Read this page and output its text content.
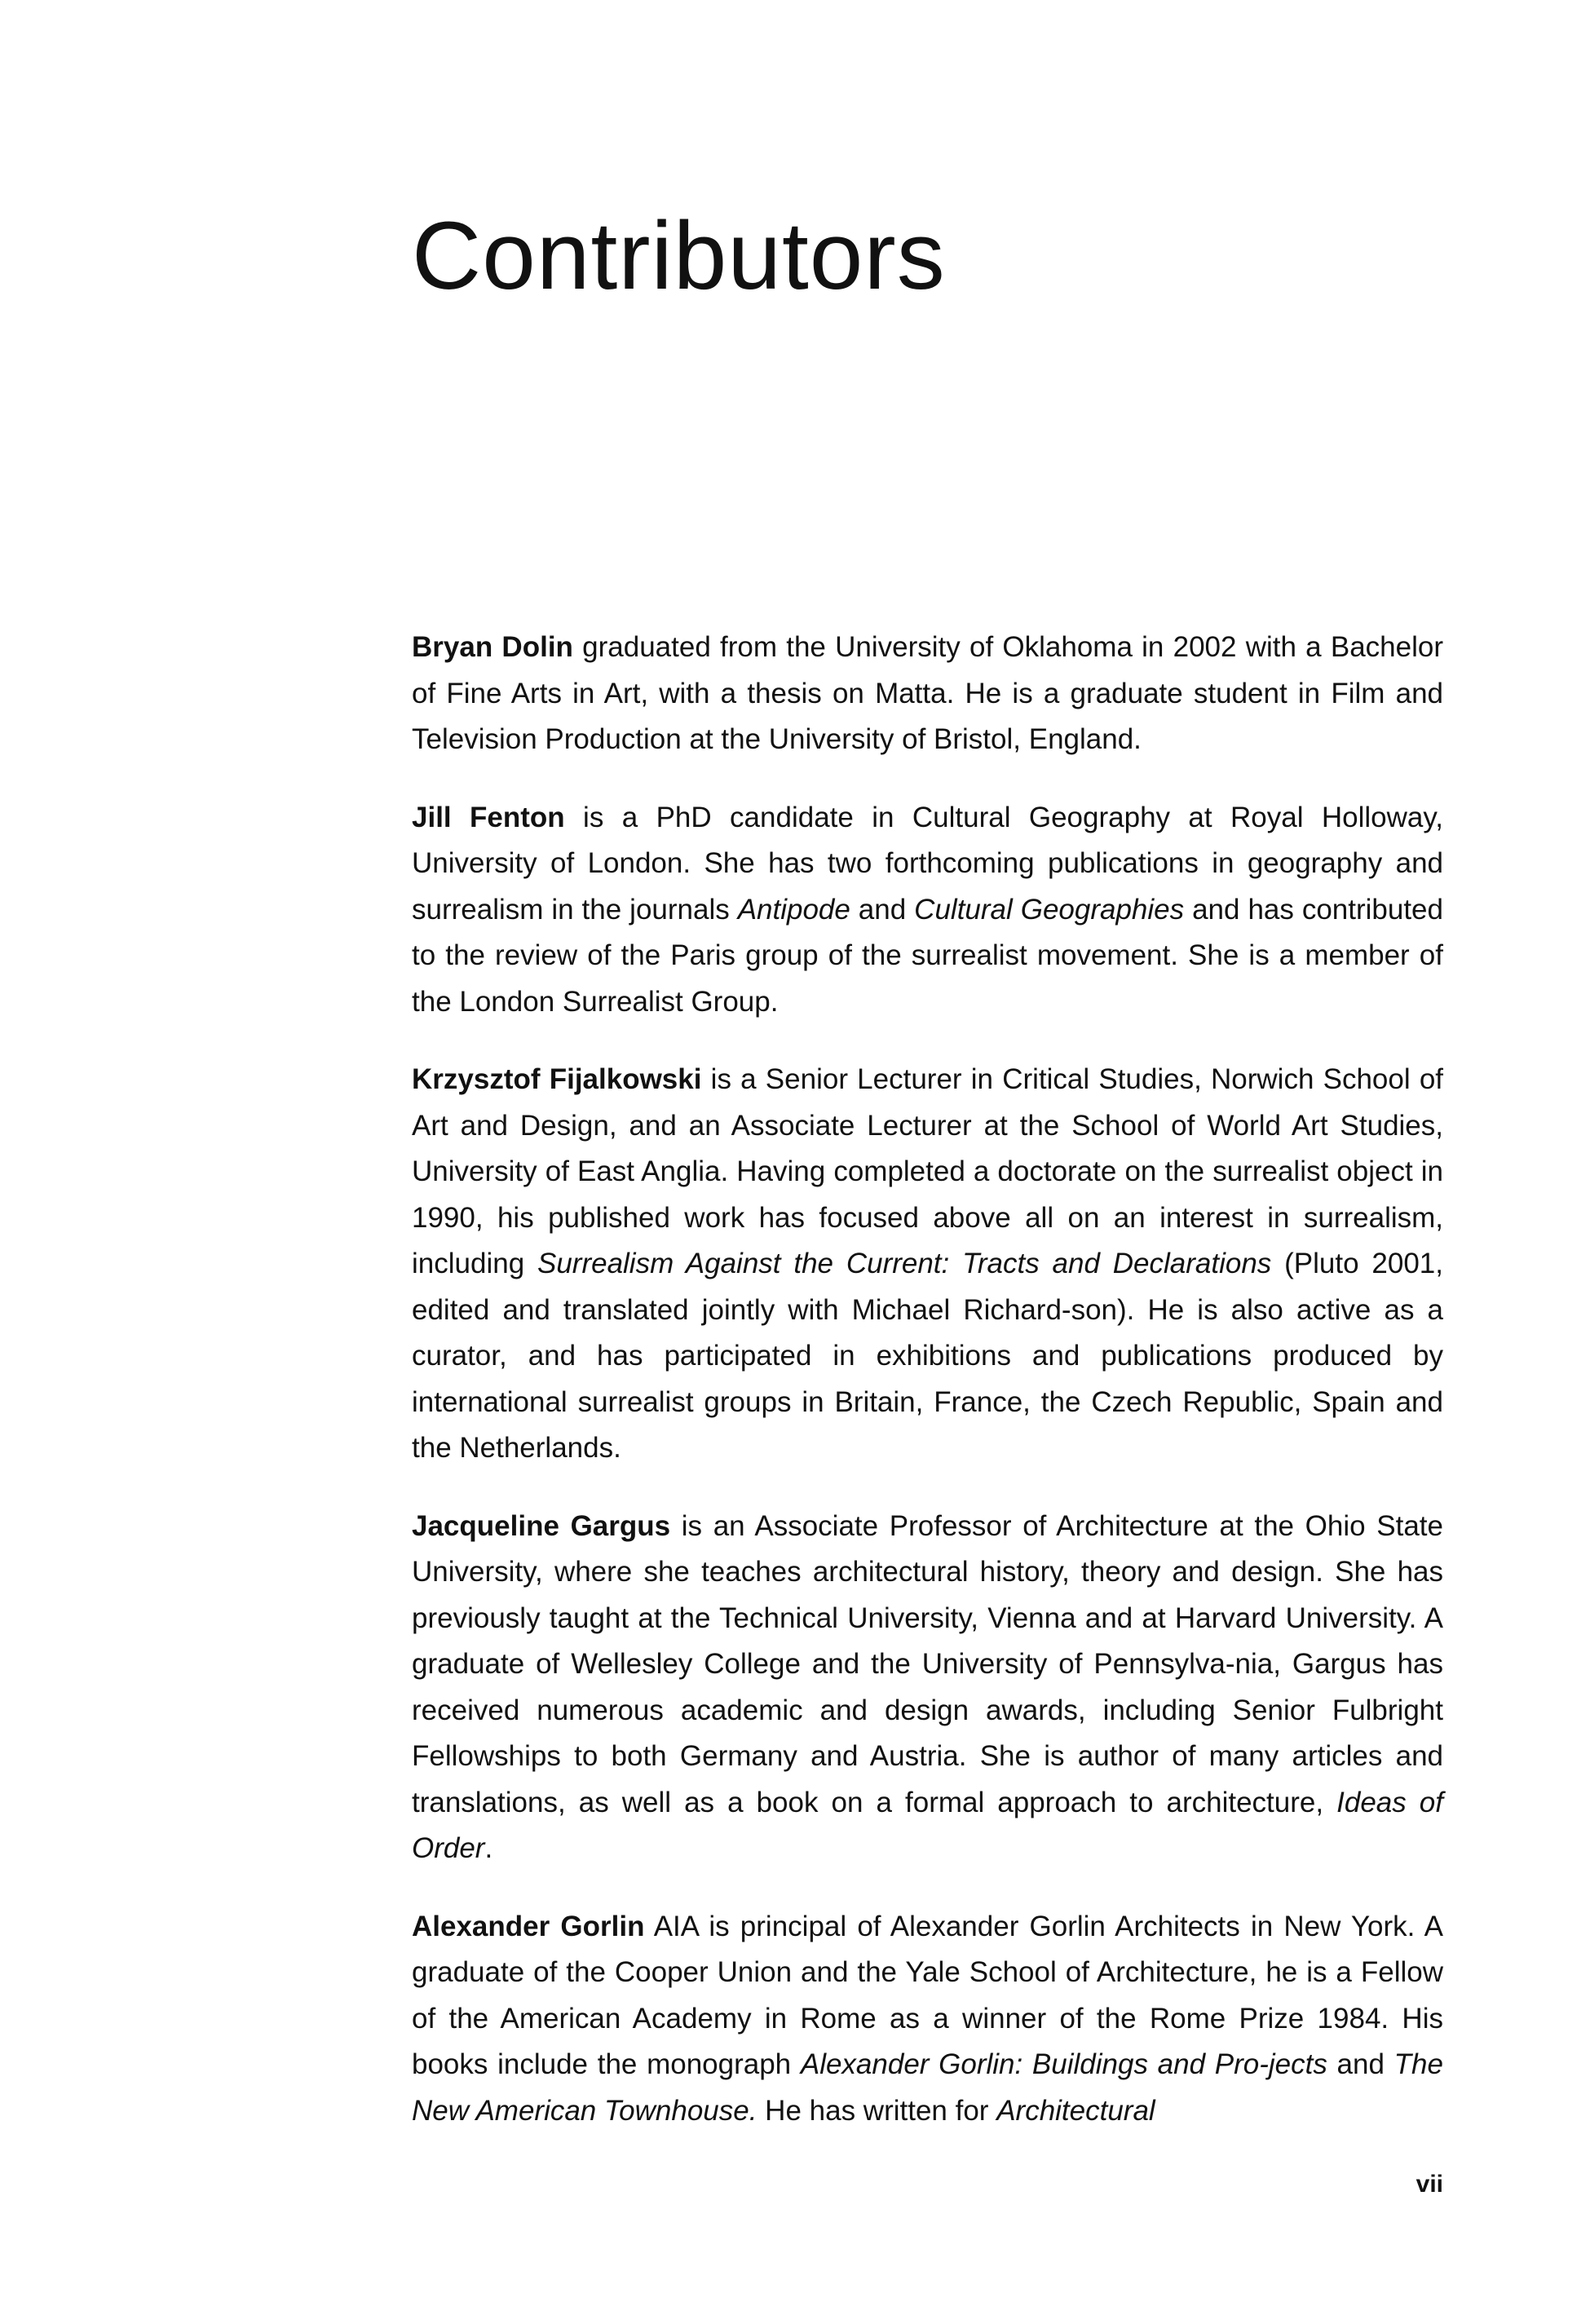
Contributors

Bryan Dolin graduated from the University of Oklahoma in 2002 with a Bachelor of Fine Arts in Art, with a thesis on Matta. He is a graduate student in Film and Television Production at the University of Bristol, England.

Jill Fenton is a PhD candidate in Cultural Geography at Royal Holloway, University of London. She has two forthcoming publications in geography and surrealism in the journals Antipode and Cultural Geographies and has contributed to the review of the Paris group of the surrealist movement. She is a member of the London Surrealist Group.

Krzysztof Fijalkowski is a Senior Lecturer in Critical Studies, Norwich School of Art and Design, and an Associate Lecturer at the School of World Art Studies, University of East Anglia. Having completed a doctorate on the surrealist object in 1990, his published work has focused above all on an interest in surrealism, including Surrealism Against the Current: Tracts and Declarations (Pluto 2001, edited and translated jointly with Michael Richard-son). He is also active as a curator, and has participated in exhibitions and publications produced by international surrealist groups in Britain, France, the Czech Republic, Spain and the Netherlands.

Jacqueline Gargus is an Associate Professor of Architecture at the Ohio State University, where she teaches architectural history, theory and design. She has previously taught at the Technical University, Vienna and at Harvard University. A graduate of Wellesley College and the University of Pennsylva-nia, Gargus has received numerous academic and design awards, including Senior Fulbright Fellowships to both Germany and Austria. She is author of many articles and translations, as well as a book on a formal approach to architecture, Ideas of Order.

Alexander Gorlin AIA is principal of Alexander Gorlin Architects in New York. A graduate of the Cooper Union and the Yale School of Architecture, he is a Fellow of the American Academy in Rome as a winner of the Rome Prize 1984. His books include the monograph Alexander Gorlin: Buildings and Pro-jects and The New American Townhouse. He has written for Architectural

vii
